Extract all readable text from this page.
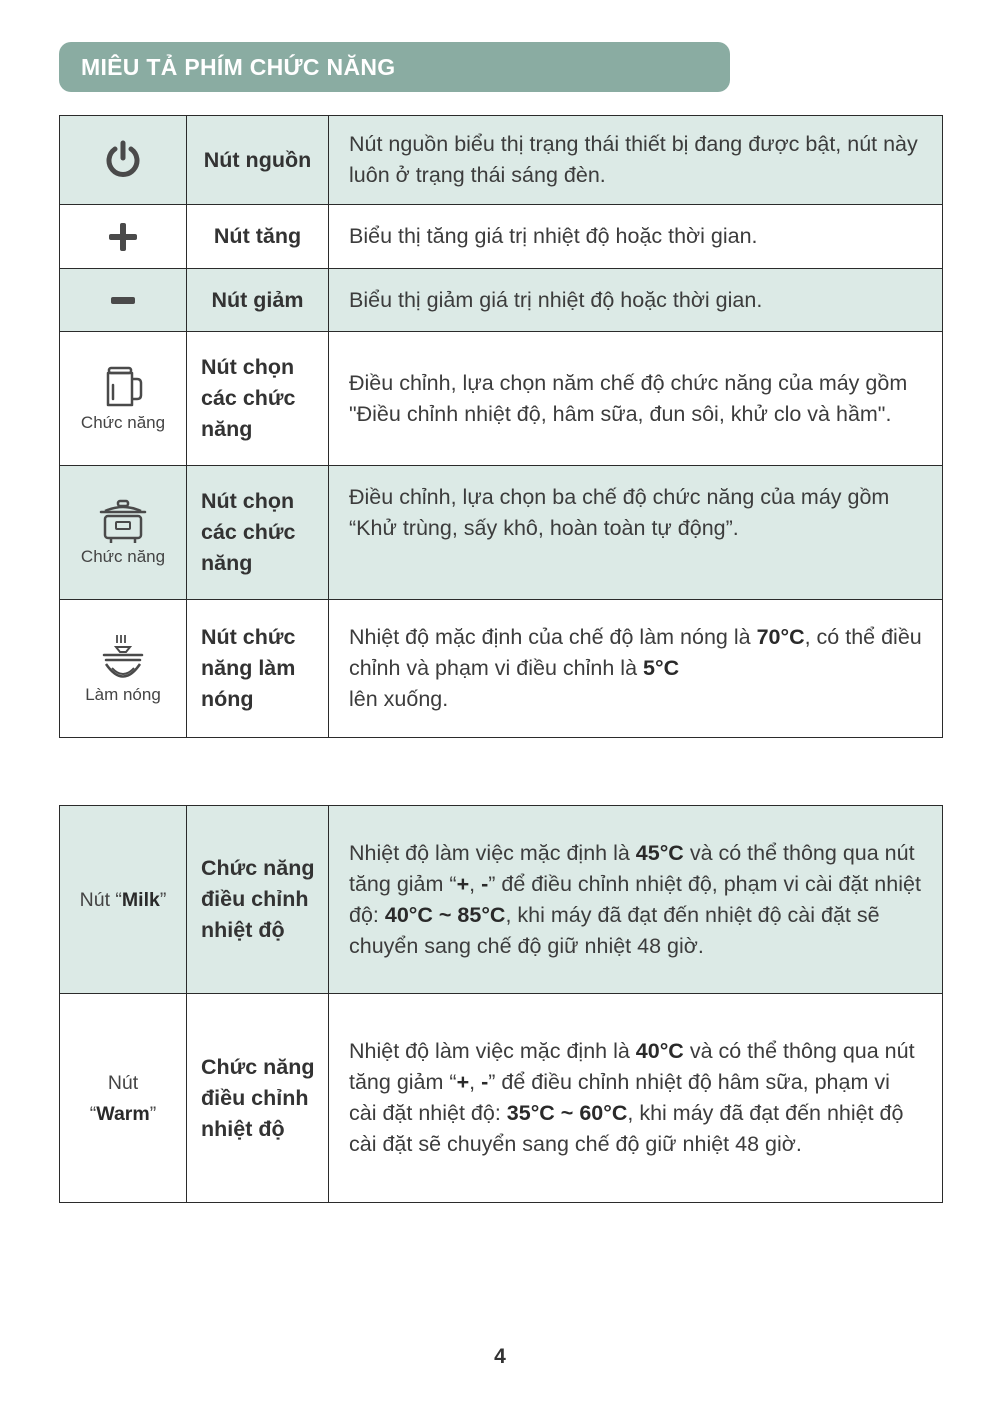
MIÊU TẢ PHÍM CHỨC NĂNG
	Nút nguồn	Nút nguồn biểu thị trạng thái thiết bị đang được bật, nút này luôn ở trạng thái sáng đèn.

	Nút tăng	Biểu thị tăng giá trị nhiệt độ hoặc thời gian.

	Nút giảm	Biểu thị giảm giá trị nhiệt độ hoặc thời gian.

Chức năng	Nút chọn các chức năng	Điều chỉnh, lựa chọn năm chế độ chức năng của máy gồm "Điều chỉnh nhiệt độ, hâm sữa, đun sôi, khử clo và hầm".

Chức năng	Nút chọn các chức năng	Điều chỉnh, lựa chọn ba chế độ chức năng của máy gồm “Khử trùng, sấy khô, hoàn toàn tự động”.

Làm nóng	Nút chức năng làm nóng	Nhiệt độ mặc định của chế độ làm nóng là 70°C, có thể điều chỉnh và phạm vi điều chỉnh là 5°C
lên xuống.
Nút “Milk”	Chức năng điều chỉnh nhiệt độ	Nhiệt độ làm việc mặc định là 45°C và có thể thông qua nút tăng giảm “+, -” để điều chỉnh nhiệt độ, phạm vi cài đặt nhiệt độ: 40°C ~ 85°C, khi máy đã đạt đến nhiệt độ cài đặt sẽ chuyển sang chế độ giữ nhiệt 48 giờ.
Nút
“Warm”	Chức năng điều chỉnh nhiệt độ	Nhiệt độ làm việc mặc định là 40°C và có thể thông qua nút tăng giảm “+, -” để điều chỉnh nhiệt độ hâm sữa, phạm vi cài đặt nhiệt độ: 35°C ~ 60°C, khi máy đã đạt đến nhiệt độ cài đặt sẽ chuyển sang chế độ giữ nhiệt 48 giờ.
4
